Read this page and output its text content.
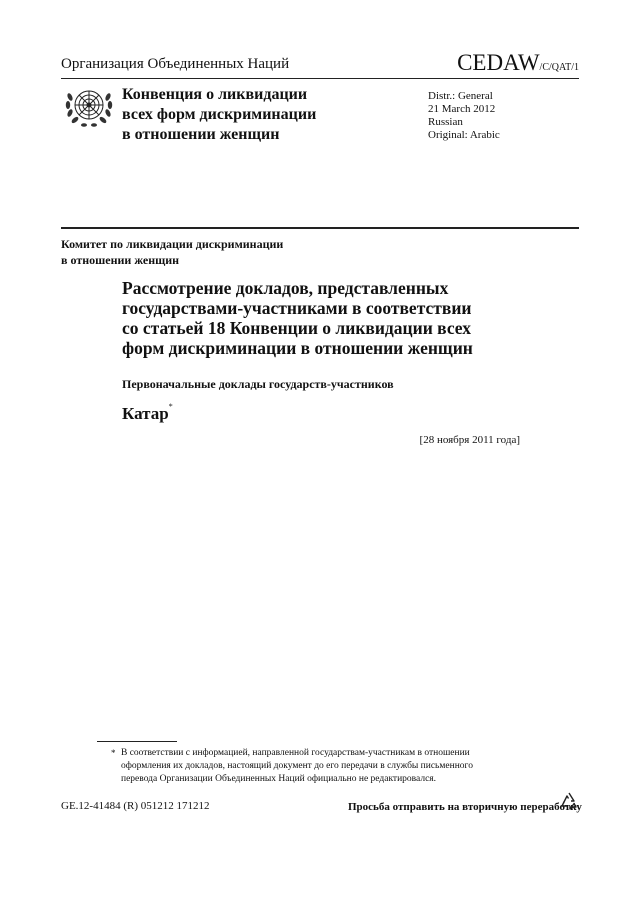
Организация Объединенных Наций	CEDAW/C/QAT/1
Конвенция о ликвидации
всех форм дискриминации
в отношении женщин
Distr.: General
21 March 2012
Russian
Original: Arabic
Комитет по ликвидации дискриминации
в отношении женщин
Рассмотрение докладов, представленных
государствами-участниками в соответствии
со статьей 18 Конвенции о ликвидации всех
форм дискриминации в отношении женщин
Первоначальные доклады государств-участников
Катар*
[28 ноября 2011 года]
* В соответствии с информацией, направленной государствам-участникам в отношении
оформления их докладов, настоящий документ до его передачи в службы письменного
перевода Организации Объединенных Наций официально не редактировался.
GE.12-41484 (R) 051212 171212	Просьба отправить на вторичную переработку
